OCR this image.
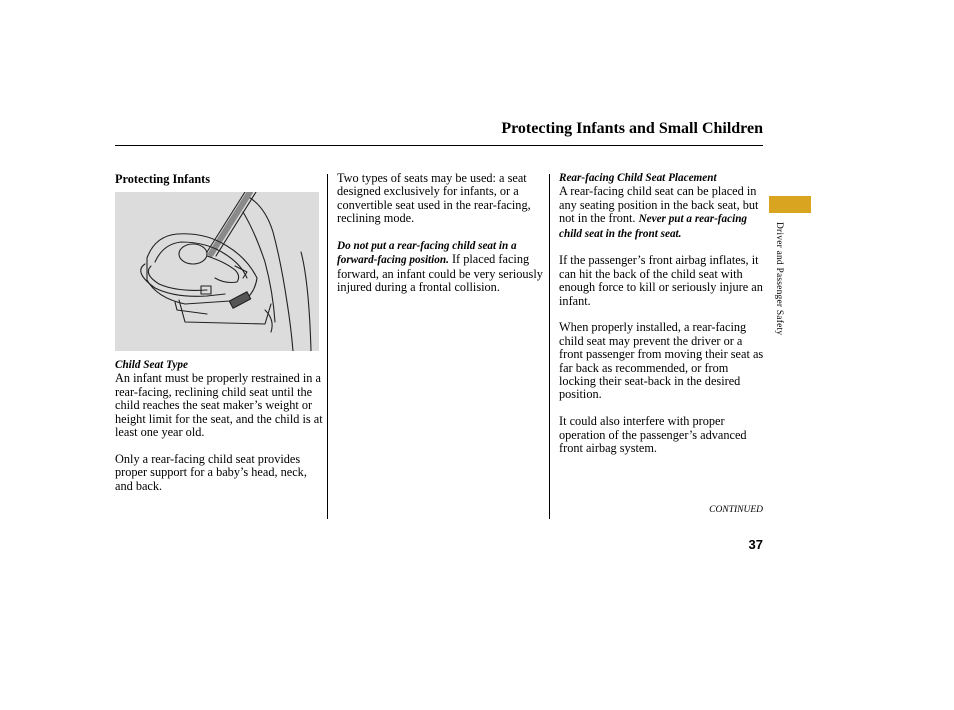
Protecting Infants and Small Children
Protecting Infants
Child Seat Type

An infant must be properly restrained in a rear-facing, reclining child seat until the child reaches the seat maker’s weight or height limit for the seat, and the child is at least one year old.

Only a rear-facing child seat provides proper support for a baby’s head, neck, and back.

Two types of seats may be used: a seat designed exclusively for infants, or a convertible seat used in the rear-facing, reclining mode.

Do not put a rear-facing child seat in a forward-facing position. If placed facing forward, an infant could be very seriously injured during a frontal collision.

Rear-facing Child Seat Placement

A rear-facing child seat can be placed in any seating position in the back seat, but not in the front. Never put a rear-facing child seat in the front seat.

If the passenger’s front airbag inflates, it can hit the back of the child seat with enough force to kill or seriously injure an infant.

When properly installed, a rear-facing child seat may prevent the driver or a front passenger from moving their seat as far back as recommended, or from locking their seat-back in the desired position.

It could also interfere with proper operation of the passenger’s advanced front airbag system.

Driver and Passenger Safety
CONTINUED
37
